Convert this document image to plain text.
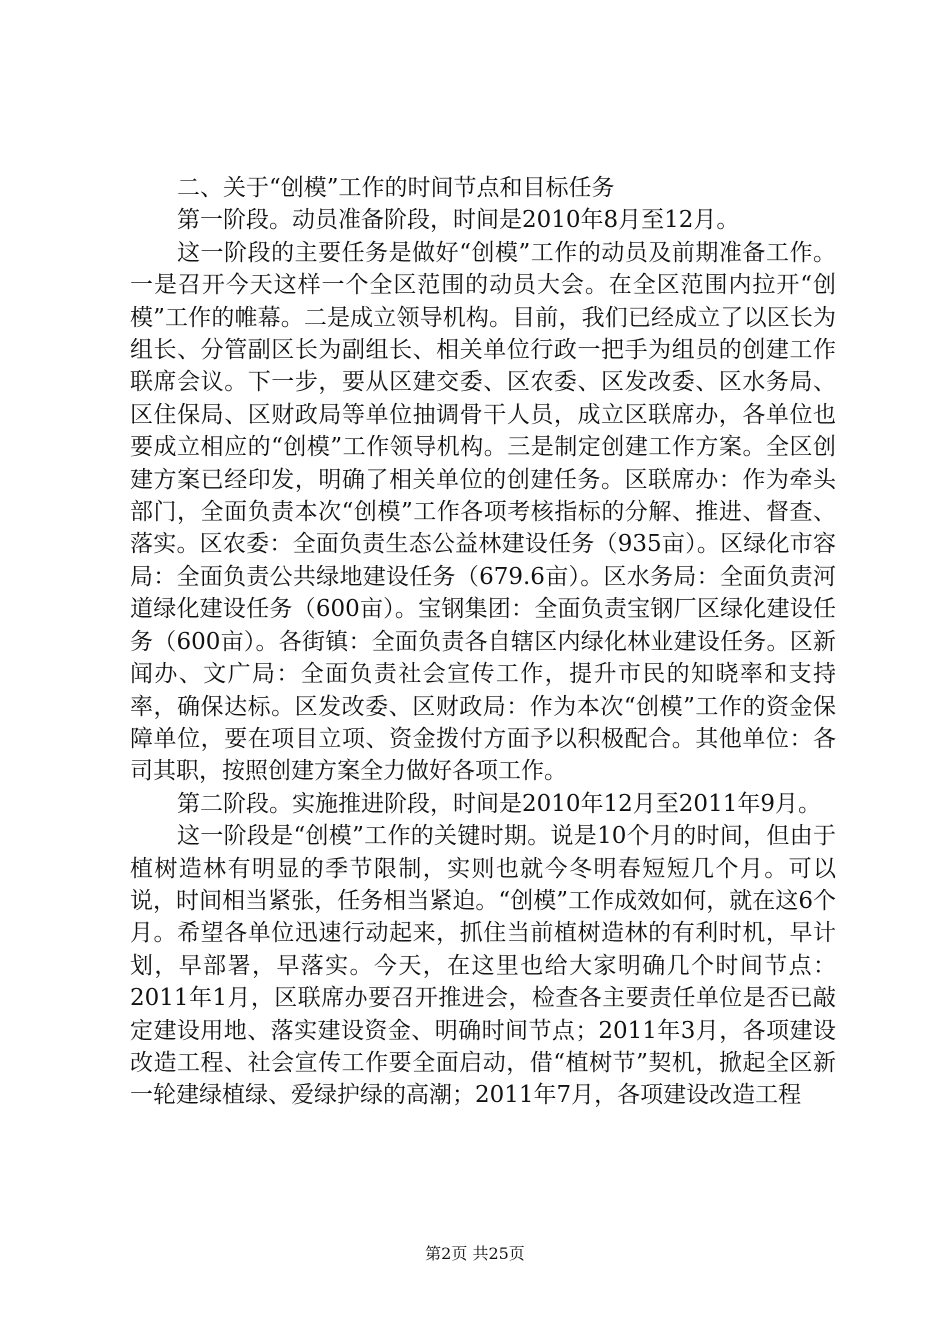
二、关于“创模”工作的时间节点和目标任务

第一阶段。动员准备阶段，时间是2010年8月至12月。

这一阶段的主要任务是做好“创模”工作的动员及前期准备工作。一是召开今天这样一个全区范围的动员大会。在全区范围内拉开“创模”工作的帷幕。二是成立领导机构。目前，我们已经成立了以区长为组长、分管副区长为副组长、相关单位行政一把手为组员的创建工作联席会议。下一步，要从区建交委、区农委、区发改委、区水务局、区住保局、区财政局等单位抽调骨干人员，成立区联席办，各单位也要成立相应的“创模”工作领导机构。三是制定创建工作方案。全区创建方案已经印发，明确了相关单位的创建任务。区联席办：作为牵头部门，全面负责本次“创模”工作各项考核指标的分解、推进、督查、落实。区农委：全面负责生态公益林建设任务（935亩）。区绿化市容局：全面负责公共绿地建设任务（679.6亩）。区水务局：全面负责河道绿化建设任务（600亩）。宝钢集团：全面负责宝钢厂区绿化建设任务（600亩）。各街镇：全面负责各自辖区内绿化林业建设任务。区新闻办、文广局：全面负责社会宣传工作，提升市民的知晓率和支持率，确保达标。区发改委、区财政局：作为本次“创模”工作的资金保障单位，要在项目立项、资金拨付方面予以积极配合。其他单位：各司其职，按照创建方案全力做好各项工作。

第二阶段。实施推进阶段，时间是2010年12月至2011年9月。

这一阶段是“创模”工作的关键时期。说是10个月的时间，但由于植树造林有明显的季节限制，实则也就今冬明春短短几个月。可以说，时间相当紧张，任务相当紧迫。“创模”工作成效如何，就在这6个月。希望各单位迅速行动起来，抓住当前植树造林的有利时机，早计划，早部署，早落实。今天，在这里也给大家明确几个时间节点：2011年1月，区联席办要召开推进会，检查各主要责任单位是否已敲定建设用地、落实建设资金、明确时间节点；2011年3月，各项建设改造工程、社会宣传工作要全面启动，借“植树节”契机，掀起全区新一轮建绿植绿、爱绿护绿的高潮；2011年7月，各项建设改造工程

第2页 共25页
